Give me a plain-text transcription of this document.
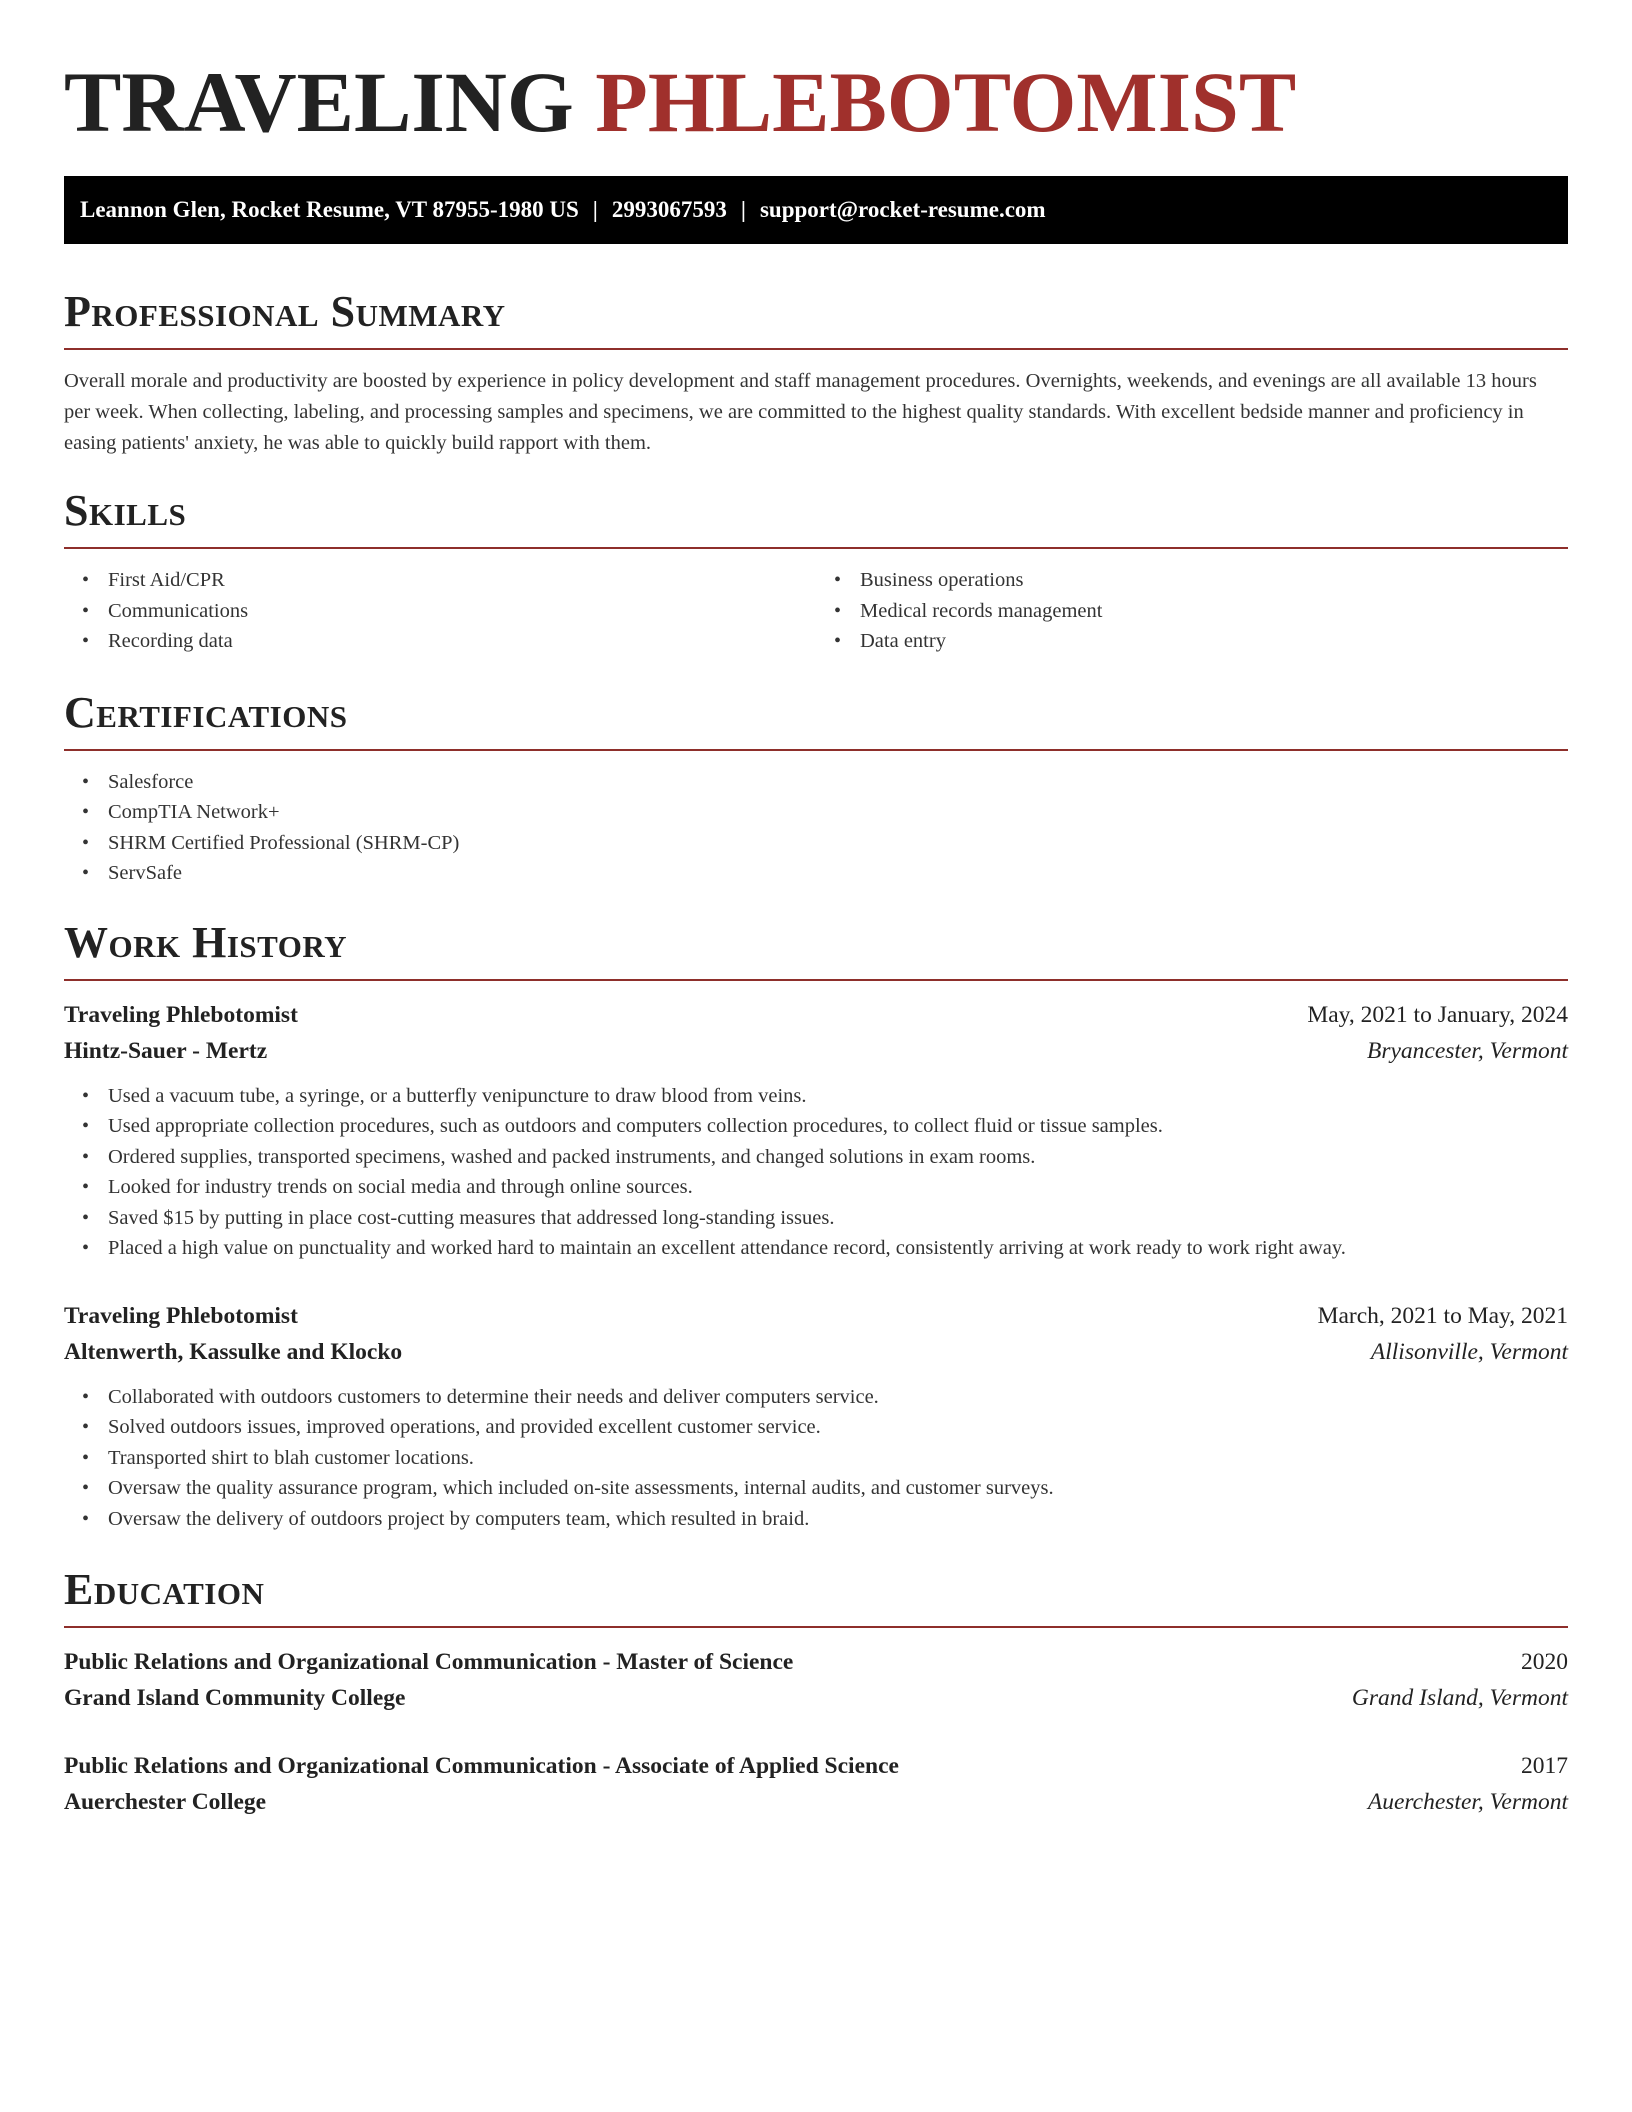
TRAVELING PHLEBOTOMIST
Leannon Glen, Rocket Resume, VT 87955-1980 US | 2993067593 | support@rocket-resume.com
Professional Summary

Overall morale and productivity are boosted by experience in policy development and staff management procedures. Overnights, weekends, and evenings are all available 13 hours per week. When collecting, labeling, and processing samples and specimens, we are committed to the highest quality standards. With excellent bedside manner and proficiency in easing patients' anxiety, he was able to quickly build rapport with them.

Skills
• First Aid/CPR
• Communications
• Recording data
• Business operations
• Medical records management
• Data entry
Certifications
• Salesforce
• CompTIA Network+
• SHRM Certified Professional (SHRM-CP)
• ServSafe
Work History
Traveling Phlebotomist	May, 2021 to January, 2024
Hintz-Sauer - Mertz	Bryancester, Vermont
• Used a vacuum tube, a syringe, or a butterfly venipuncture to draw blood from veins.
• Used appropriate collection procedures, such as outdoors and computers collection procedures, to collect fluid or tissue samples.
• Ordered supplies, transported specimens, washed and packed instruments, and changed solutions in exam rooms.
• Looked for industry trends on social media and through online sources.
• Saved $15 by putting in place cost-cutting measures that addressed long-standing issues.
• Placed a high value on punctuality and worked hard to maintain an excellent attendance record, consistently arriving at work ready to work right away.
Traveling Phlebotomist	March, 2021 to May, 2021
Altenwerth, Kassulke and Klocko	Allisonville, Vermont
• Collaborated with outdoors customers to determine their needs and deliver computers service.
• Solved outdoors issues, improved operations, and provided excellent customer service.
• Transported shirt to blah customer locations.
• Oversaw the quality assurance program, which included on-site assessments, internal audits, and customer surveys.
• Oversaw the delivery of outdoors project by computers team, which resulted in braid.
Education
Public Relations and Organizational Communication - Master of Science	2020
Grand Island Community College	Grand Island, Vermont
Public Relations and Organizational Communication - Associate of Applied Science	2017
Auerchester College	Auerchester, Vermont
